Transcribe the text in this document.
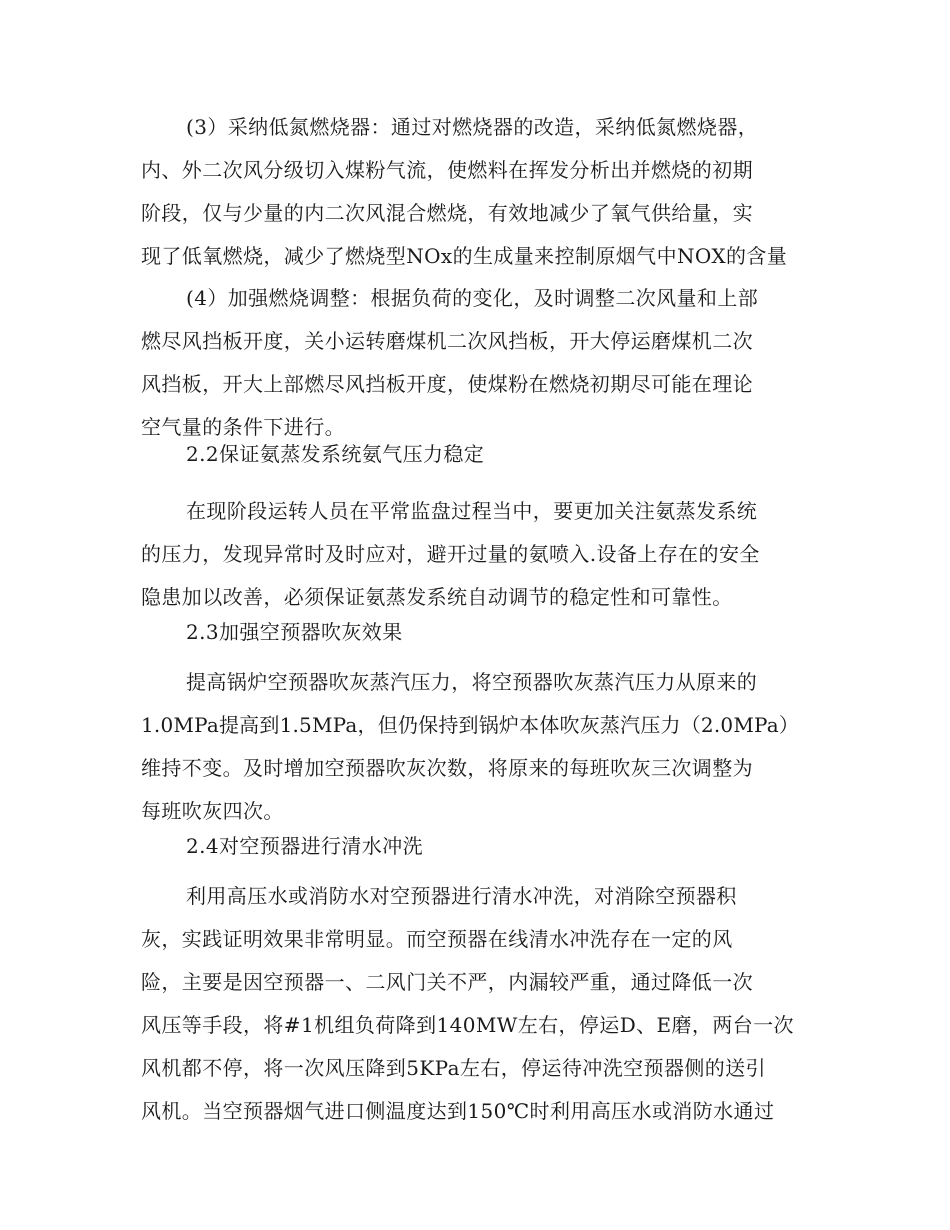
(3）采纳低氮燃烧器：通过对燃烧器的改造，采纳低氮燃烧器，
内、外二次风分级切入煤粉气流，使燃料在挥发分析出并燃烧的初期
阶段，仅与少量的内二次风混合燃烧，有效地减少了氧气供给量，实
现了低氧燃烧，减少了燃烧型NOx的生成量来控制原烟气中NOX的含量
(4）加强燃烧调整：根据负荷的变化，及时调整二次风量和上部
燃尽风挡板开度，关小运转磨煤机二次风挡板，开大停运磨煤机二次
风挡板，开大上部燃尽风挡板开度，使煤粉在燃烧初期尽可能在理论
空气量的条件下进行。
2.2保证氨蒸发系统氨气压力稳定
在现阶段运转人员在平常监盘过程当中，要更加关注氨蒸发系统
的压力，发现异常时及时应对，避开过量的氨喷入.设备上存在的安全
隐患加以改善，必须保证氨蒸发系统自动调节的稳定性和可靠性。
2.3加强空预器吹灰效果
提高锅炉空预器吹灰蒸汽压力，将空预器吹灰蒸汽压力从原来的
1.0MPa提高到1.5MPa，但仍保持到锅炉本体吹灰蒸汽压力（2.0MPa）
维持不变。及时增加空预器吹灰次数，将原来的每班吹灰三次调整为
每班吹灰四次。
2.4对空预器进行清水冲洗
利用高压水或消防水对空预器进行清水冲洗，对消除空预器积
灰，实践证明效果非常明显。而空预器在线清水冲洗存在一定的风
险，主要是因空预器一、二风门关不严，内漏较严重，通过降低一次
风压等手段，将#1机组负荷降到140MW左右，停运D、E磨，两台一次
风机都不停，将一次风压降到5KPa左右，停运待冲洗空预器侧的送引
风机。当空预器烟气进口侧温度达到150℃时利用高压水或消防水通过
